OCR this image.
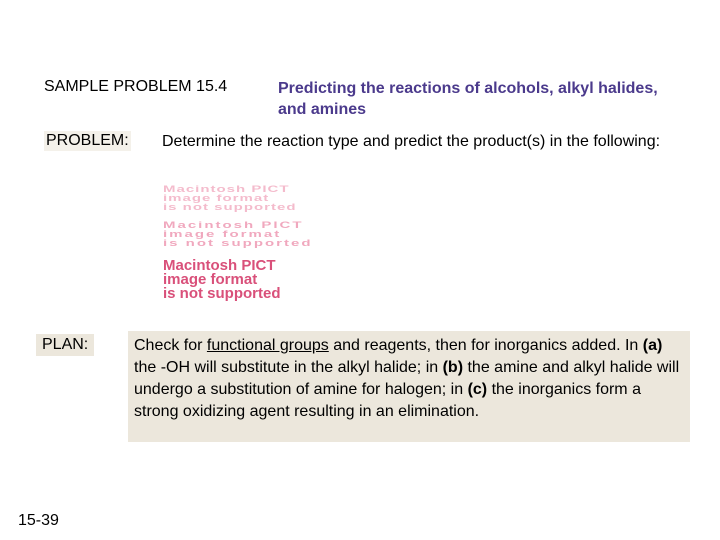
SAMPLE PROBLEM 15.4	Predicting the reactions of alcohols, alkyl halides, and amines
PROBLEM: Determine the reaction type and predict the product(s) in the following:
Macintosh PICT
image format
is not supported
Macintosh PICT
image format
is not supported
Macintosh PICT
image format
is not supported
PLAN:	Check for functional groups and reagents, then for inorganics added. In (a) the -OH will substitute in the alkyl halide; in (b) the amine and alkyl halide will undergo a substitution of amine for halogen; in (c) the inorganics form a strong oxidizing agent resulting in an elimination.
15-39
